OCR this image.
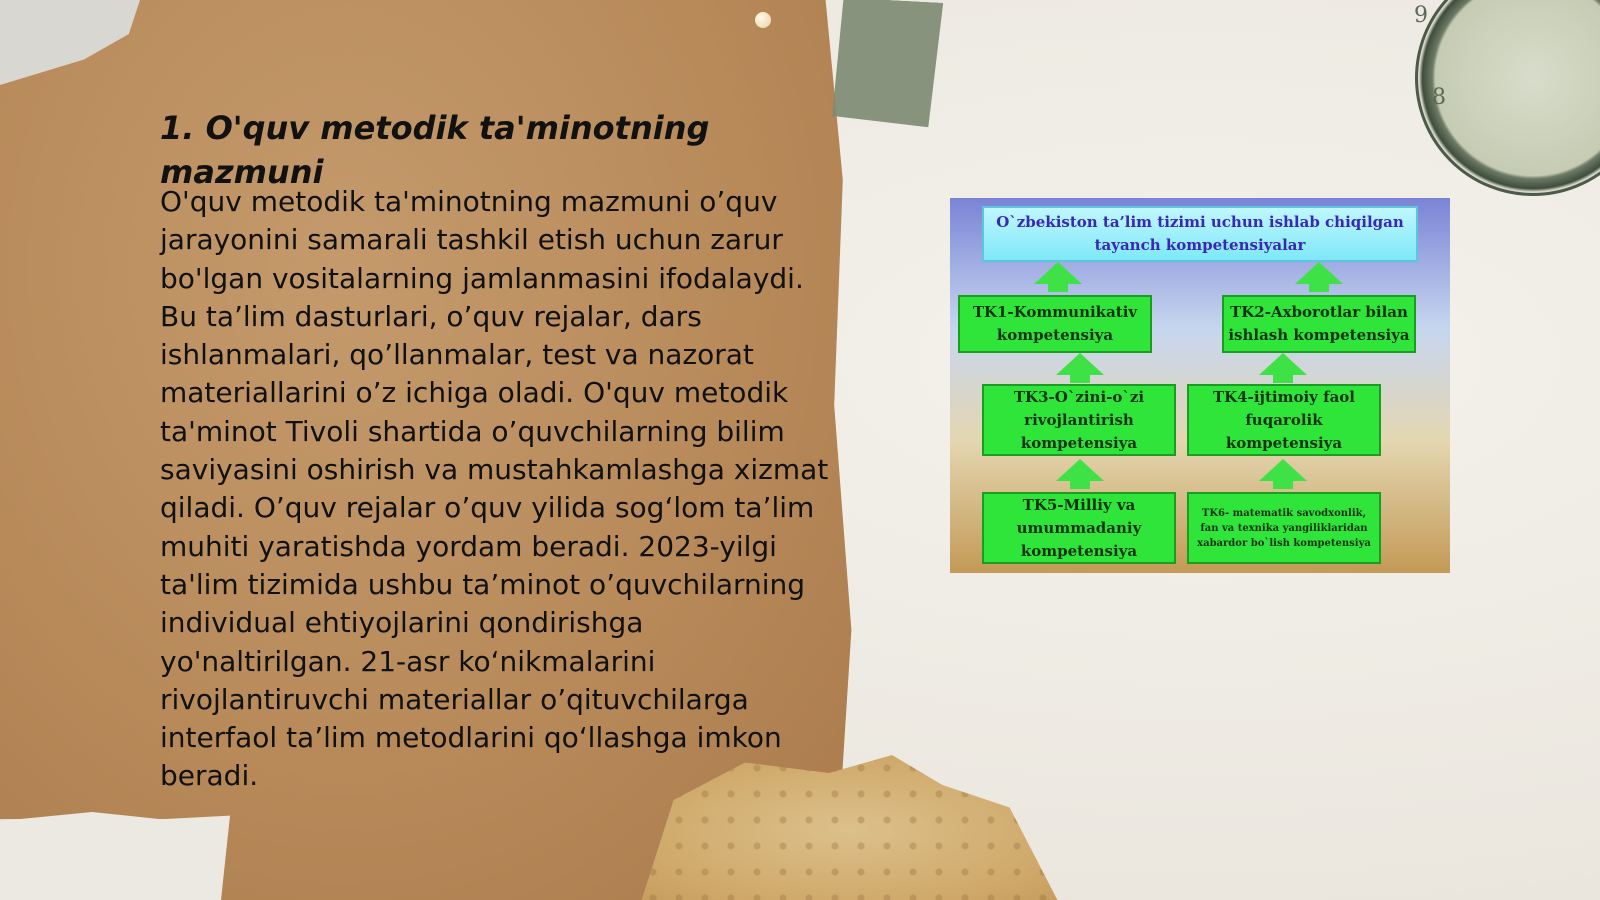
9
8
1. O'quv metodik ta'minotning mazmuni

O'quv metodik ta'minotning mazmuni o’quv jarayonini samarali tashkil etish uchun zarur bo'lgan vositalarning jamlanmasini ifodalaydi. Bu ta’lim dasturlari, o’quv rejalar, dars ishlanmalari, qo’llanmalar, test va nazorat materiallarini o’z ichiga oladi. O'quv metodik ta'minot Tivoli shartida o’quvchilarning bilim saviyasini oshirish va mustahkamlashga xizmat qiladi. O’quv rejalar o’quv yilida sog‘lom ta’lim muhiti yaratishda yordam beradi. 2023-yilgi ta'lim tizimida ushbu ta’minot o’quvchilarning individual ehtiyojlarini qondirishga yo'naltirilgan. 21-asr ko‘nikmalarini rivojlantiruvchi materiallar o’qituvchilarga interfaol ta’lim metodlarini qo‘llashga imkon beradi.

O`zbekiston ta’lim tizimi uchun ishlab chiqilgan tayanch kompetensiyalar
TK1-Kommunikativ kompetensiya
TK2-Axborotlar bilan ishlash kompetensiya
TK3-O`zini-o`zi rivojlantirish kompetensiya
TK4-ijtimoiy faol fuqarolik kompetensiya
TK5-Milliy va umummadaniy kompetensiya
TK6- matematik savodxonlik, fan va texnika yangiliklaridan xabardor bo`lish kompetensiya
